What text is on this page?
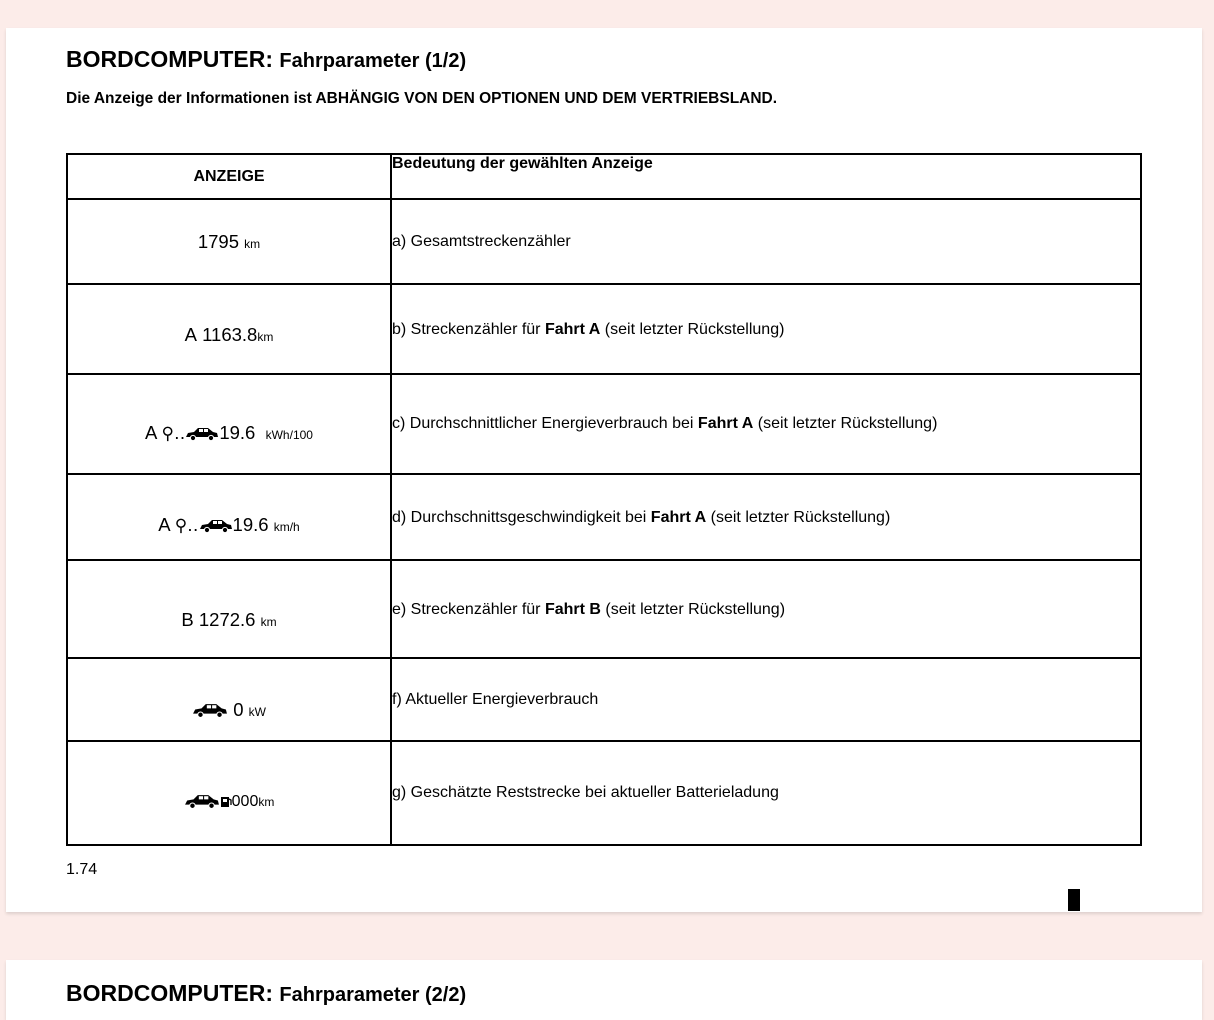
BORDCOMPUTER: Fahrparameter (1/2)
Die Anzeige der Informationen ist ABHÄNGIG VON DEN OPTIONEN UND DEM VERTRIEBSLAND.
ANZEIGE	Bedeutung der gewählten Anzeige
1795 km	a) Gesamtstreckenzähler
A 1163.8km	b) Streckenzähler für Fahrt A (seit letzter Rückstellung)
A ⚲‥ 19.6 kWh/100	c) Durchschnittlicher Energieverbrauch bei Fahrt A (seit letzter Rückstellung)
A ⚲‥ 19.6 km/h	d) Durchschnittsgeschwindigkeit bei Fahrt A (seit letzter Rückstellung)
B 1272.6 km	e) Streckenzähler für Fahrt B (seit letzter Rückstellung)
0 kW	f) Aktueller Energieverbrauch
000km	g) Geschätzte Reststrecke bei aktueller Batterieladung
1.74
BORDCOMPUTER: Fahrparameter (2/2)
